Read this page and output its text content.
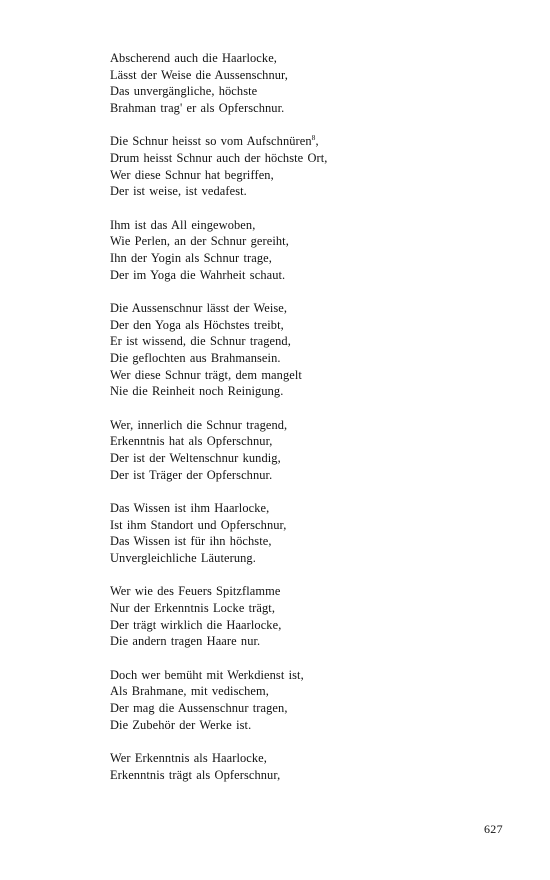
Abscherend auch die Haarlocke,
Lässt der Weise die Aussenschnur,
Das unvergängliche, höchste
Brahman trag' er als Opferschnur.
Die Schnur heisst so vom Aufschnüren$^8$,
Drum heisst Schnur auch der höchste Ort,
Wer diese Schnur hat begriffen,
Der ist weise, ist vedafest.
Ihm ist das All eingewoben,
Wie Perlen, an der Schnur gereiht,
Ihn der Yogin als Schnur trage,
Der im Yoga die Wahrheit schaut.
Die Aussenschnur lässt der Weise,
Der den Yoga als Höchstes treibt,
Er ist wissend, die Schnur tragend,
Die geflochten aus Brahmansein.
Wer diese Schnur trägt, dem mangelt
Nie die Reinheit noch Reinigung.
Wer, innerlich die Schnur tragend,
Erkenntnis hat als Opferschnur,
Der ist der Weltenschnur kundig,
Der ist Träger der Opferschnur.
Das Wissen ist ihm Haarlocke,
Ist ihm Standort und Opferschnur,
Das Wissen ist für ihn höchste,
Unvergleichliche Läuterung.
Wer wie des Feuers Spitzflamme
Nur der Erkenntnis Locke trägt,
Der trägt wirklich die Haarlocke,
Die andern tragen Haare nur.
Doch wer bemüht mit Werkdienst ist,
Als Brahmane, mit vedischem,
Der mag die Aussenschnur tragen,
Die Zubehör der Werke ist.
Wer Erkenntnis als Haarlocke,
Erkenntnis trägt als Opferschnur,
627
